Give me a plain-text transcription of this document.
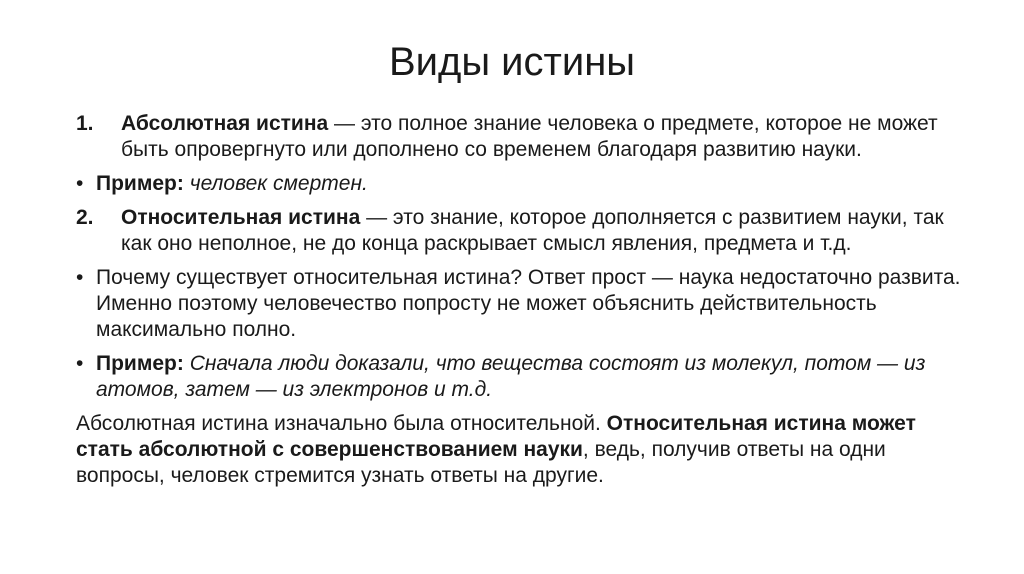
Виды истины
1. Абсолютная истина — это полное знание человека о предмете, которое не может быть опровергнуто или дополнено со временем благодаря развитию науки.
• Пример: человек смертен.
2. Относительная истина — это знание, которое дополняется с развитием науки, так как оно неполное, не до конца раскрывает смысл явления, предмета и т.д.
• Почему существует относительная истина? Ответ прост — наука недостаточно развита. Именно поэтому человечество попросту не может объяснить действительность максимально полно.
• Пример: Сначала люди доказали, что вещества состоят из молекул, потом — из атомов, затем — из электронов и т.д.
Абсолютная истина изначально была относительной. Относительная истина может стать абсолютной с совершенствованием науки, ведь, получив ответы на одни вопросы, человек стремится узнать ответы на другие.
